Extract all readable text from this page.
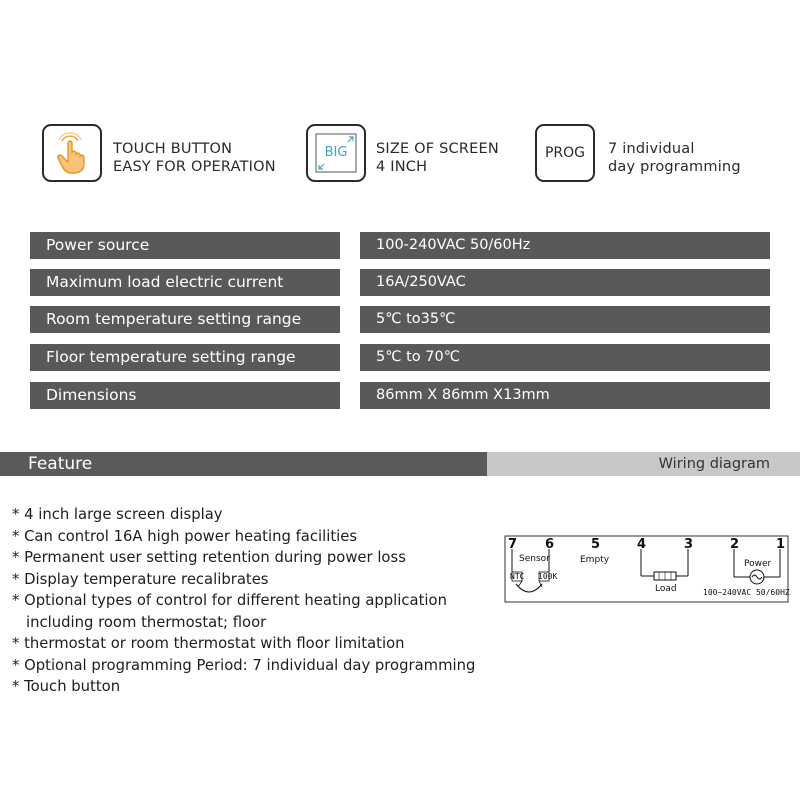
TOUCH BUTTON
EASY FOR OPERATION
BIG	SIZE OF SCREEN
4 INCH
PROG 7 individual
day programming
Power source	100-240VAC 50/60Hz
Maximum load electric current	16A/250VAC
Room temperature setting range	5℃ to35℃
Floor temperature setting range	5℃ to 70℃
Dimensions	86mm X 86mm X13mm
Feature	Wiring diagram
* 4 inch large screen display
* Can control 16A high power heating facilities
* Permanent user setting retention during power loss
* Display temperature recalibrates
* Optional types of control for different heating application
including room thermostat; floor
* thermostat or room thermostat with floor limitation
* Optional programming Period: 7 individual day programming
* Touch button
7 6	5	4	3	2	1
Sensor
NTC 100K
Empty
Load
Power
100~240VAC 50/60HZ
